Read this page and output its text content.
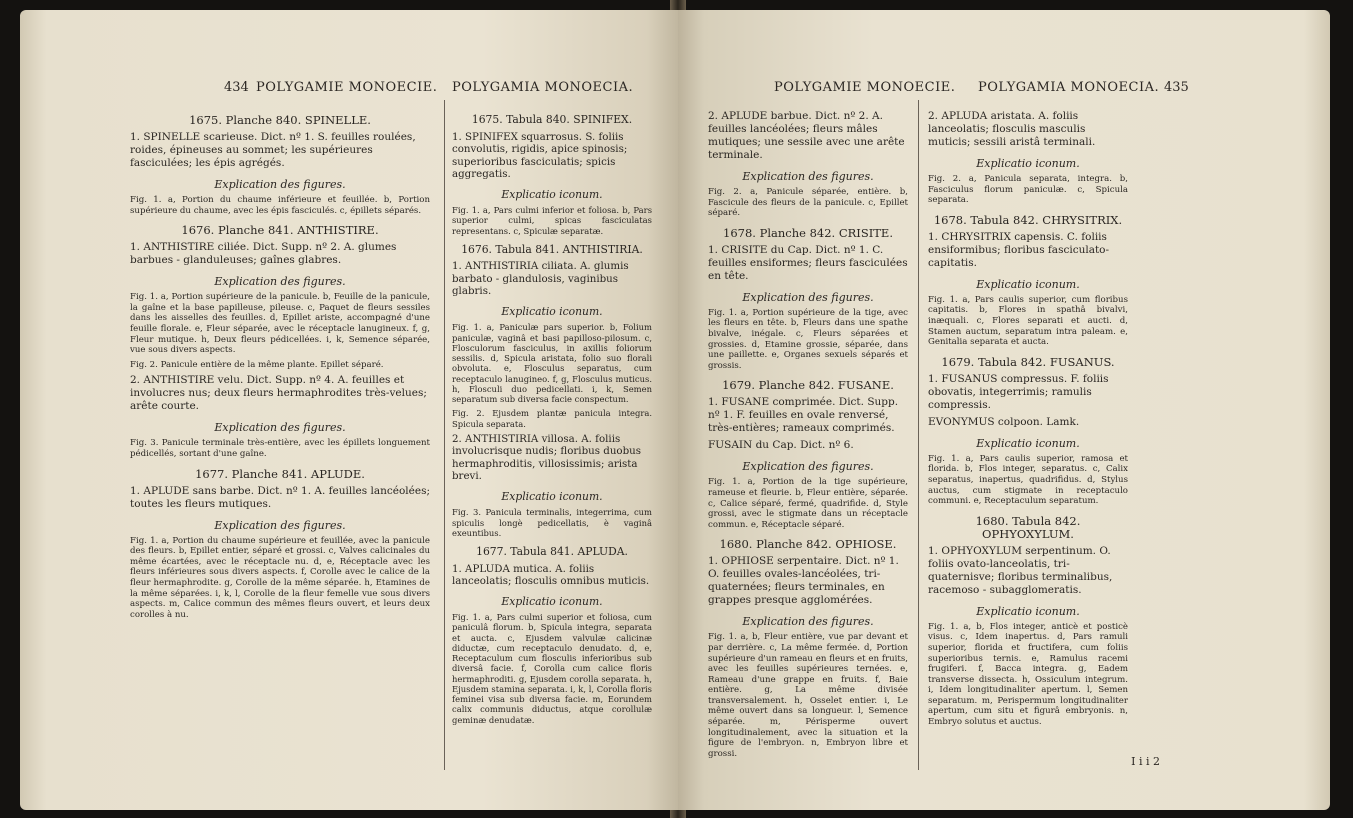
434 POLYGAMIE MONOECIE. POLYGAMIA MONOECIA.
1675. Planche 840. SPINELLE.
1. SPINELLE scarieuse. Dict. nº 1. S. feuilles roulées, roides, épineuses au sommet; les supérieures fasciculées; les épis agrégés.
Explication des figures.
Fig. 1. a, Portion du chaume inférieure et feuillée. b, Portion supérieure du chaume, avec les épis fasciculés. c, épillets séparés.
1676. Planche 841. ANTHISTIRE.
1. ANTHISTIRE ciliée. Dict. Supp. nº 2. A. glumes barbues - glanduleuses; gaînes glabres.
Explication des figures.
Fig. 1. a, Portion supérieure de la panicule. b, Feuille de la panicule, la gaîne et la base papilleuse, pileuse. c, Paquet de fleurs sessiles dans les aisselles des feuilles. d, Epillet ariste, accompagné d'une feuille florale. e, Fleur séparée, avec le réceptacle lanugineux. f, g, Fleur mutique. h, Deux fleurs pédicellées. i, k, Semence séparée, vue sous divers aspects.
Fig. 2. Panicule entière de la même plante. Epillet séparé.
2. ANTHISTIRE velu. Dict. Supp. nº 4. A. feuilles et involucres nus; deux fleurs hermaphrodites très-velues; arête courte.
Explication des figures.
Fig. 3. Panicule terminale très-entière, avec les épillets longuement pédicellés, sortant d'une gaîne.
1677. Planche 841. APLUDE.
1. APLUDE sans barbe. Dict. nº 1. A. feuilles lancéolées; toutes les fleurs mutiques.
Explication des figures.
Fig. 1. a, Portion du chaume supérieure et feuillée, avec la panicule des fleurs. b, Epillet entier, séparé et grossi. c, Valves calicinales du même écartées, avec le réceptacle nu. d, e, Réceptacle avec les fleurs inférieures sous divers aspects. f, Corolle avec le calice de la fleur hermaphrodite. g, Corolle de la même séparée. h, Etamines de la même séparées. i, k, l, Corolle de la fleur femelle vue sous divers aspects. m, Calice commun des mêmes fleurs ouvert, et leurs deux corolles à nu.
1675. Tabula 840. SPINIFEX.
1. SPINIFEX squarrosus. S. foliis convolutis, rigidis, apice spinosis; superioribus fasciculatis; spicis aggregatis.
Explicatio iconum.
Fig. 1. a, Pars culmi inferior et foliosa. b, Pars superior culmi, spicas fasciculatas representans. c, Spiculæ separatæ.
1676. Tabula 841. ANTHISTIRIA.
1. ANTHISTIRIA ciliata. A. glumis barbato - glandulosis, vaginibus glabris.
Explicatio iconum.
Fig. 1. a, Paniculæ pars superior. b, Folium paniculæ, vaginâ et basi papilloso-pilosum. c, Flosculorum fasciculus, in axillis foliorum sessilis. d, Spicula aristata, folio suo florali obvoluta. e, Flosculus separatus, cum receptaculo lanugineo. f, g, Flosculus muticus. h, Flosculi duo pedicellati. i, k, Semen separatum sub diversa facie conspectum.
Fig. 2. Ejusdem plantæ panicula integra. Spicula separata.
2. ANTHISTIRIA villosa. A. foliis involucrisque nudis; floribus duobus hermaphroditis, villosissimis; arista brevi.
Explicatio iconum.
Fig. 3. Panicula terminalis, integerrima, cum spiculis longè pedicellatis, è vaginâ exeuntibus.
1677. Tabula 841. APLUDA.
1. APLUDA mutica. A. foliis lanceolatis; flosculis omnibus muticis.
Explicatio iconum.
Fig. 1. a, Pars culmi superior et foliosa, cum paniculâ florum. b, Spicula integra, separata et aucta. c, Ejusdem valvulæ calicinæ diductæ, cum receptaculo denudato. d, e, Receptaculum cum flosculis inferioribus sub diversâ facie. f, Corolla cum calice floris hermaphroditi. g, Ejusdem corolla separata. h, Ejusdem stamina separata. i, k, l, Corolla floris feminei visa sub diversa facie. m, Eorundem calix communis diductus, atque corollulæ geminæ denudatæ.
POLYGAMIE MONOECIE. POLYGAMIA MONOECIA. 435
2. APLUDE barbue. Dict. nº 2. A. feuilles lancéolées; fleurs mâles mutiques; une sessile avec une arête terminale.
Explication des figures.
Fig. 2. a, Panicule séparée, entière. b, Fascicule des fleurs de la panicule. c, Epillet séparé.
1678. Planche 842. CRISITE.
1. CRISITE du Cap. Dict. nº 1. C. feuilles ensiformes; fleurs fasciculées en tête.
Explication des figures.
Fig. 1. a, Portion supérieure de la tige, avec les fleurs en tête. b, Fleurs dans une spathe bivalve, inégale. c, Fleurs séparées et grossies. d, Etamine grossie, séparée, dans une paillette. e, Organes sexuels séparés et grossis.
1679. Planche 842. FUSANE.
1. FUSANE comprimée. Dict. Supp. nº 1. F. feuilles en ovale renversé, très-entières; rameaux comprimés.
FUSAIN du Cap. Dict. nº 6.
Explication des figures.
Fig. 1. a, Portion de la tige supérieure, rameuse et fleurie. b, Fleur entière, séparée. c, Calice séparé, fermé, quadrifide. d, Style grossi, avec le stigmate dans un réceptacle commun. e, Réceptacle séparé.
1680. Planche 842. OPHIOSE.
1. OPHIOSE serpentaire. Dict. nº 1. O. feuilles ovales-lancéolées, tri-quaternées; fleurs terminales, en grappes presque agglomérées.
Explication des figures.
Fig. 1. a, b, Fleur entière, vue par devant et par derrière. c, La même fermée. d, Portion supérieure d'un rameau en fleurs et en fruits, avec les feuilles supérieures ternées. e, Rameau d'une grappe en fruits. f, Baie entière. g, La même divisée transversalement. h, Osselet entier. i, Le même ouvert dans sa longueur. l, Semence séparée. m, Périsperme ouvert longitudinalement, avec la situation et la figure de l'embryon. n, Embryon libre et grossi.
2. APLUDA aristata. A. foliis lanceolatis; flosculis masculis muticis; sessili aristâ terminali.
Explicatio iconum.
Fig. 2. a, Panicula separata, integra. b, Fasciculus florum paniculæ. c, Spicula separata.
1678. Tabula 842. CHRYSITRIX.
1. CHRYSITRIX capensis. C. foliis ensiformibus; floribus fasciculato-capitatis.
Explicatio iconum.
Fig. 1. a, Pars caulis superior, cum floribus capitatis. b, Flores in spathâ bivalvi, inæquali. c, Flores separati et aucti. d, Stamen auctum, separatum intra paleam. e, Genitalia separata et aucta.
1679. Tabula 842. FUSANUS.
1. FUSANUS compressus. F. foliis obovatis, integerrimis; ramulis compressis.
EVONYMUS colpoon. Lamk.
Explicatio iconum.
Fig. 1. a, Pars caulis superior, ramosa et florida. b, Flos integer, separatus. c, Calix separatus, inapertus, quadrifidus. d, Stylus auctus, cum stigmate in receptaculo communi. e, Receptaculum separatum.
1680. Tabula 842. OPHYOXYLUM.
1. OPHYOXYLUM serpentinum. O. foliis ovato-lanceolatis, tri-quaternisve; floribus terminalibus, racemoso - subagglomeratis.
Explicatio iconum.
Fig. 1. a, b, Flos integer, anticè et posticè visus. c, Idem inapertus. d, Pars ramuli superior, florida et fructifera, cum foliis superioribus ternis. e, Ramulus racemi frugiferi. f, Bacca integra. g, Eadem transverse dissecta. h, Ossiculum integrum. i, Idem longitudinaliter apertum. l, Semen separatum. m, Perispermum longitudinaliter apertum, cum situ et figurâ embryonis. n, Embryo solutus et auctus.
I i i 2
